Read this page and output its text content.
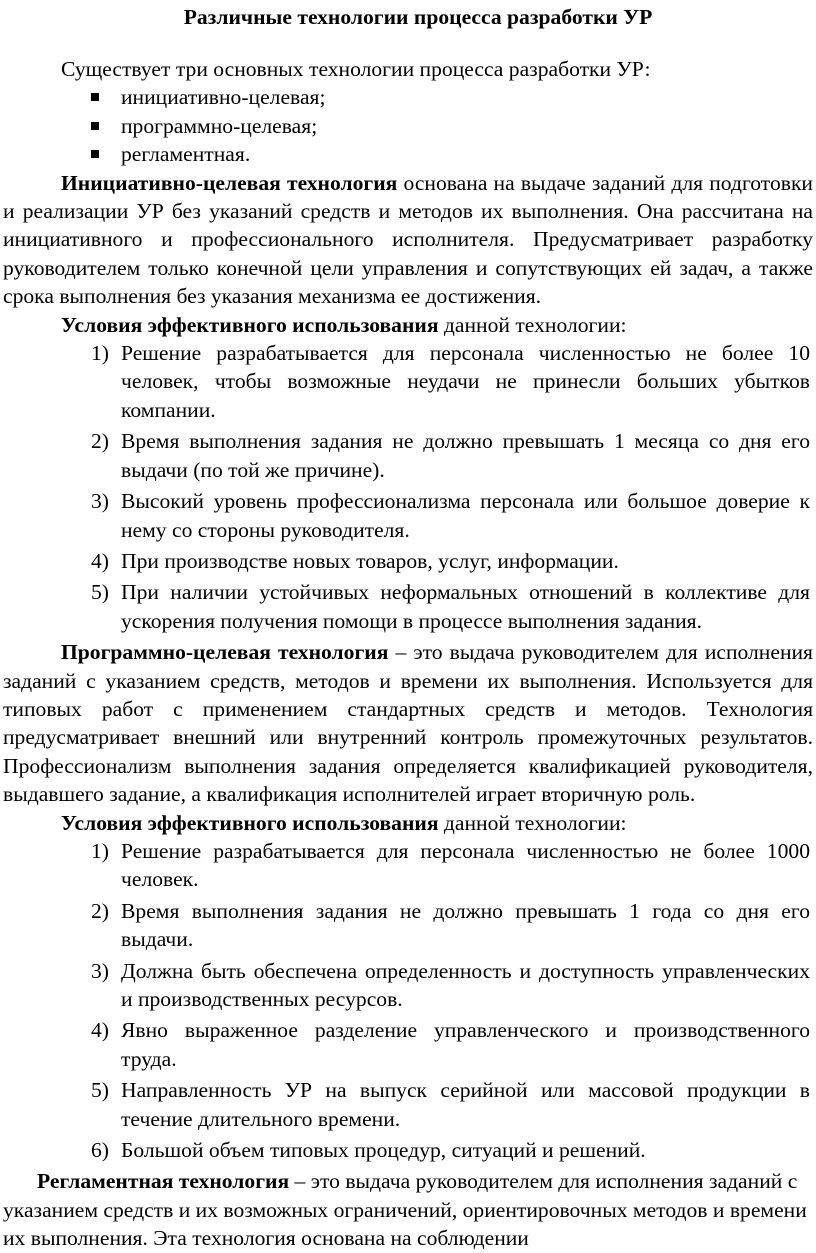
Различные технологии процесса разработки УР

Существует три основных технологии процесса разработки УР:

инициативно-целевая;
программно-целевая;
регламентная.

Инициативно-целевая технология основана на выдаче заданий для подготовки и реализации УР без указаний средств и методов их выполнения. Она рассчитана на инициативного и профессионального исполнителя. Предусматривает разработку руководителем только конечной цели управления и сопутствующих ей задач, а также срока выполнения без указания механизма ее достижения.

Условия эффективного использования данной технологии:

1) Решение разрабатывается для персонала численностью не более 10 человек, чтобы возможные неудачи не принесли больших убытков компании.
2) Время выполнения задания не должно превышать 1 месяца со дня его выдачи (по той же причине).
3) Высокий уровень профессионализма персонала или большое доверие к нему со стороны руководителя.
4) При производстве новых товаров, услуг, информации.
5) При наличии устойчивых неформальных отношений в коллективе для ускорения получения помощи в процессе выполнения задания.

Программно-целевая технология – это выдача руководителем для исполнения заданий с указанием средств, методов и времени их выполнения. Используется для типовых работ с применением стандартных средств и методов. Технология предусматривает внешний или внутренний контроль промежуточных результатов. Профессионализм выполнения задания определяется квалификацией руководителя, выдавшего задание, а квалификация исполнителей играет вторичную роль.

Условия эффективного использования данной технологии:

1) Решение разрабатывается для персонала численностью не более 1000 человек.
2) Время выполнения задания не должно превышать 1 года со дня его выдачи.
3) Должна быть обеспечена определенность и доступность управленческих и производственных ресурсов.
4) Явно выраженное разделение управленческого и производственного труда.
5) Направленность УР на выпуск серийной или массовой продукции в течение длительного времени.
6) Большой объем типовых процедур, ситуаций и решений.

Регламентная технология – это выдача руководителем для исполнения заданий с указанием средств и их возможных ограничений, ориентировочных методов и времени их выполнения. Эта технология основана на соблюдении
